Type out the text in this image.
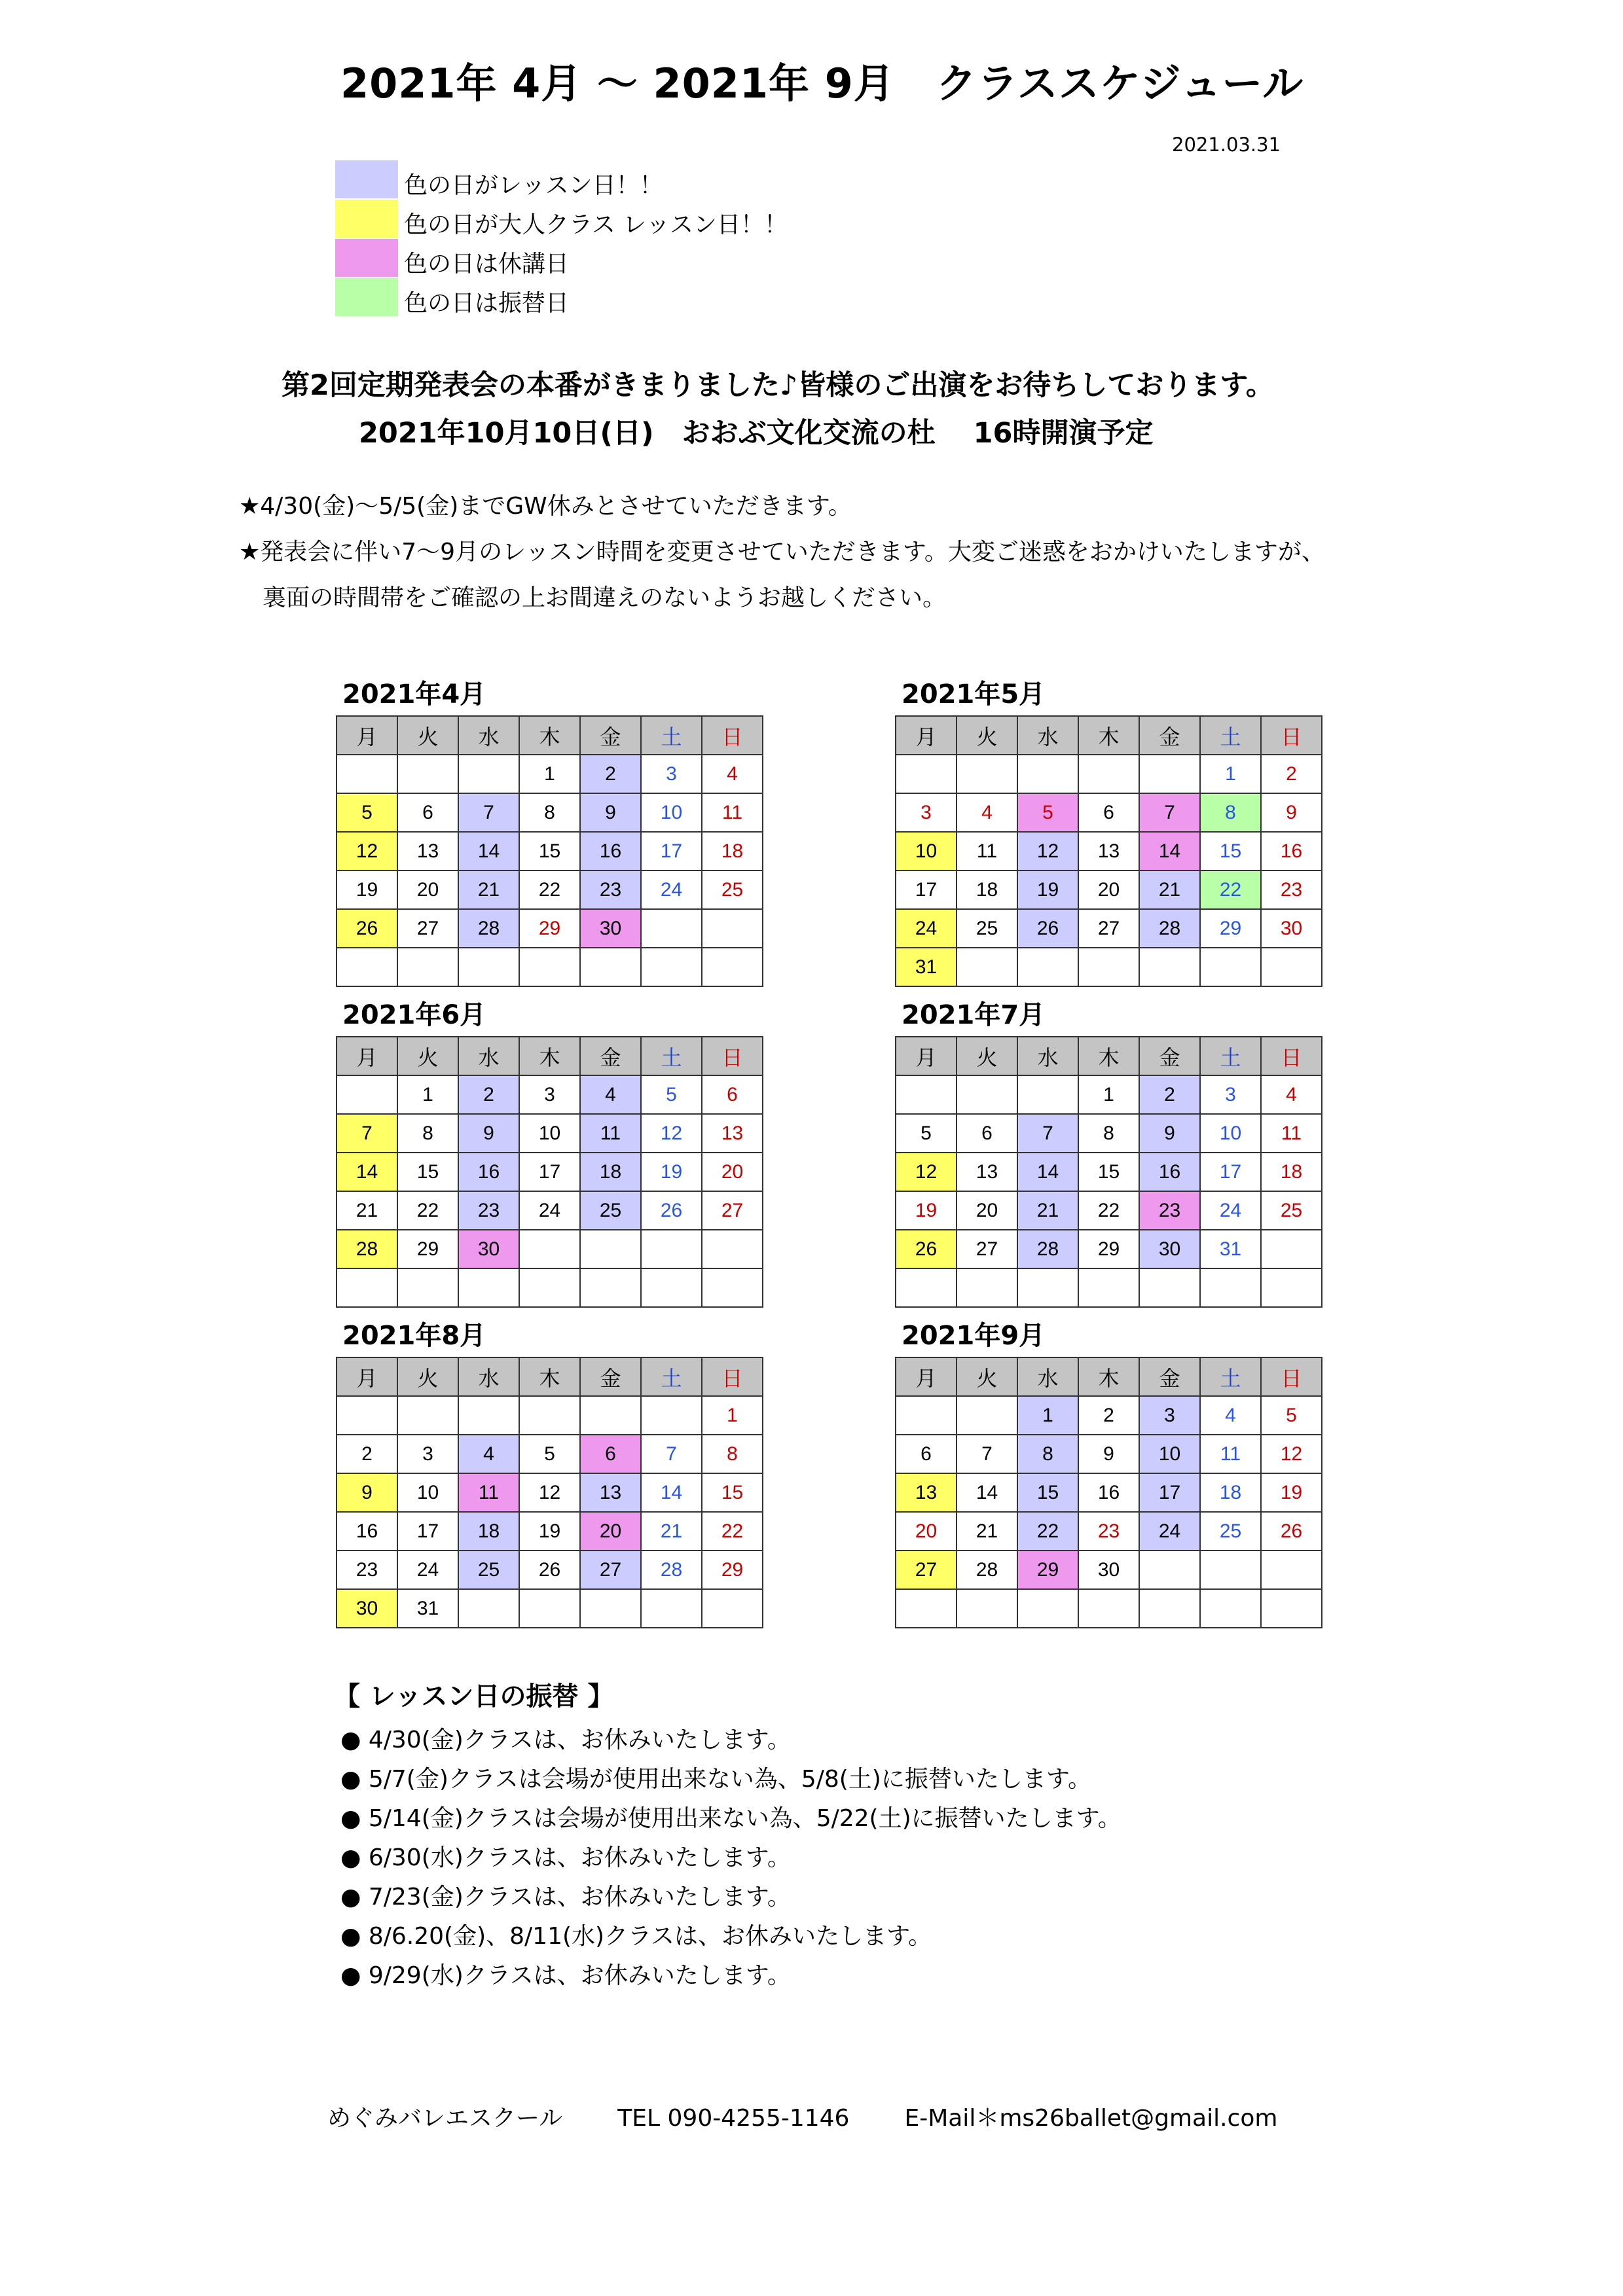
2021年 4月 〜 2021年 9月　クラススケジュール
2021.03.31
色の日がレッスン日！！
色の日が大人クラス レッスン日！！
色の日は休講日
色の日は振替日
第2回定期発表会の本番がきまりました♪皆様のご出演をお待ちしております。
2021年10月10日(日)　おおぶ文化交流の杜　 16時開演予定
★4/30(金)〜5/5(金)までGW休みとさせていただきます。
★発表会に伴い7〜9月のレッスン時間を変更させていただきます。大変ご迷惑をおかけいたしますが、
　裏面の時間帯をご確認の上お間違えのないようお越しください。
2021年4月
月	火	水	木	金	土	日
			1	2	3	4
5	6	7	8	9	10	11
12	13	14	15	16	17	18
19	20	21	22	23	24	25
26	27	28	29	30		

2021年5月
月	火	水	木	金	土	日
					1	2
3	4	5	6	7	8	9
10	11	12	13	14	15	16
17	18	19	20	21	22	23
24	25	26	27	28	29	30
31						
2021年6月
月	火	水	木	金	土	日
	1	2	3	4	5	6
7	8	9	10	11	12	13
14	15	16	17	18	19	20
21	22	23	24	25	26	27
28	29	30				

2021年7月
月	火	水	木	金	土	日
			1	2	3	4
5	6	7	8	9	10	11
12	13	14	15	16	17	18
19	20	21	22	23	24	25
26	27	28	29	30	31	

2021年8月
月	火	水	木	金	土	日
						1
2	3	4	5	6	7	8
9	10	11	12	13	14	15
16	17	18	19	20	21	22
23	24	25	26	27	28	29
30	31					
2021年9月
月	火	水	木	金	土	日
		1	2	3	4	5
6	7	8	9	10	11	12
13	14	15	16	17	18	19
20	21	22	23	24	25	26
27	28	29	30			

【 レッスン日の振替 】
● 4/30(金)クラスは、お休みいたします。
● 5/7(金)クラスは会場が使用出来ない為、5/8(土)に振替いたします。
● 5/14(金)クラスは会場が使用出来ない為、5/22(土)に振替いたします。
● 6/30(水)クラスは、お休みいたします。
● 7/23(金)クラスは、お休みいたします。
● 8/6.20(金)、8/11(水)クラスは、お休みいたします。
● 9/29(水)クラスは、お休みいたします。
めぐみバレエスクール TEL 090-4255-1146 E-Mail＊ms26ballet@gmail.com
